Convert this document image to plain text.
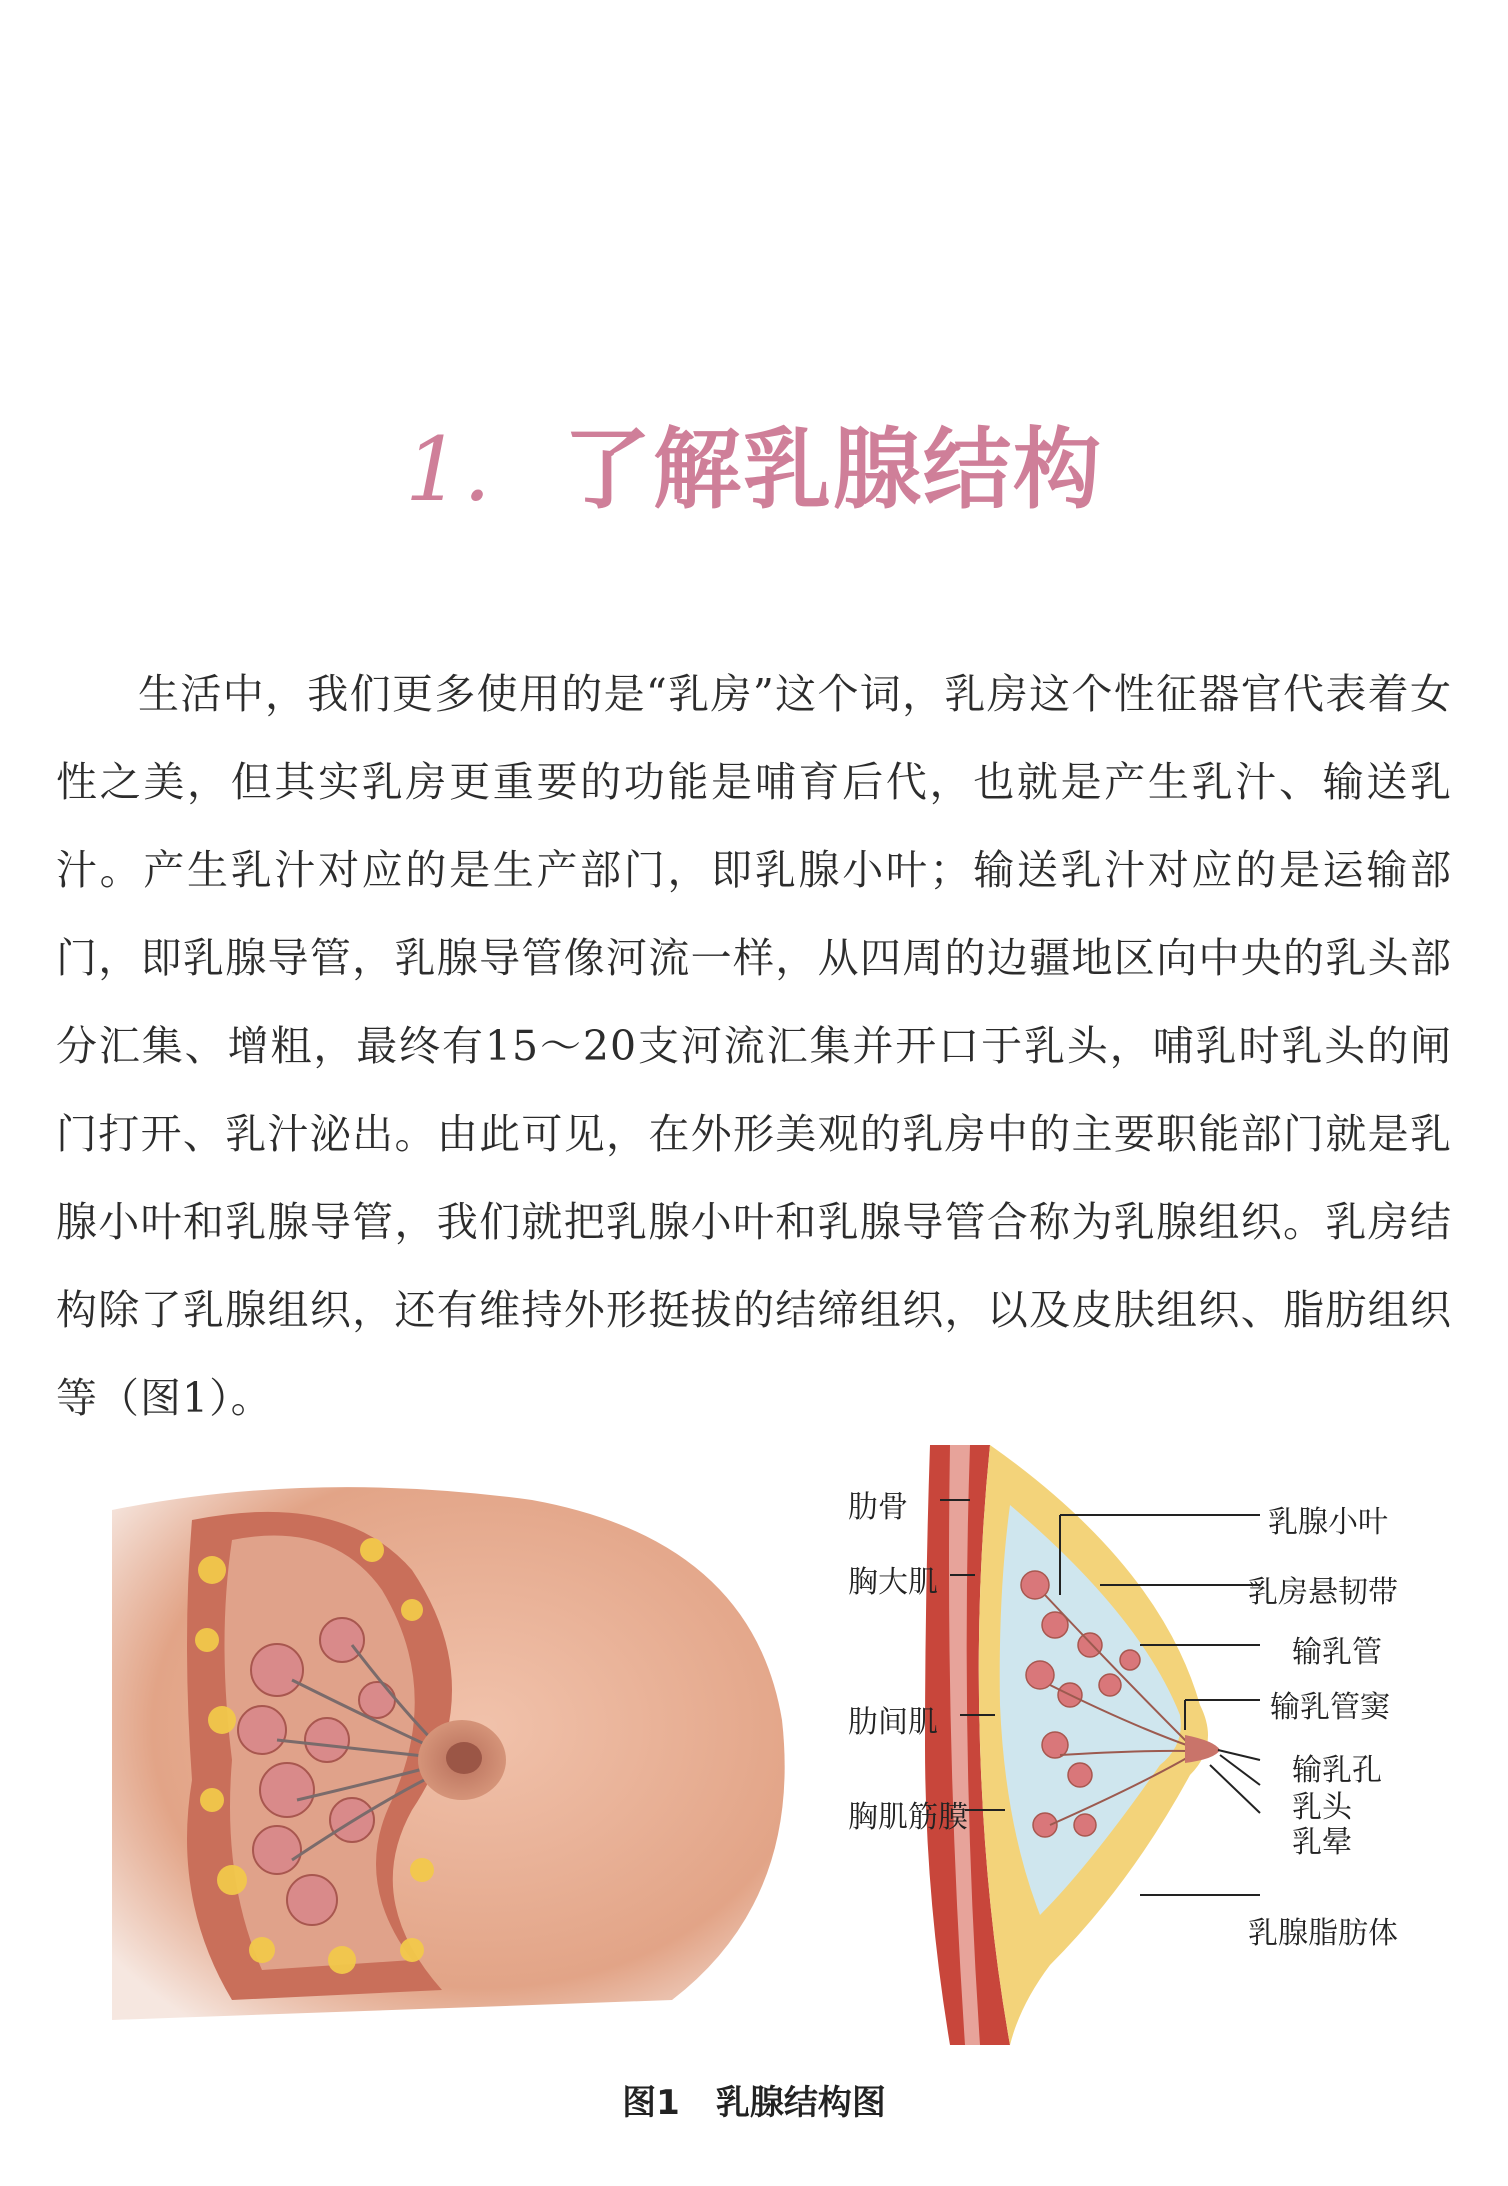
1. 了解乳腺结构

生活中，我们更多使用的是“乳房”这个词，乳房这个性征器官代表着女性之美，但其实乳房更重要的功能是哺育后代，也就是产生乳汁、输送乳汁。产生乳汁对应的是生产部门，即乳腺小叶；输送乳汁对应的是运输部门，即乳腺导管，乳腺导管像河流一样，从四周的边疆地区向中央的乳头部分汇集、增粗，最终有15～20支河流汇集并开口于乳头，哺乳时乳头的闸门打开、乳汁泌出。由此可见，在外形美观的乳房中的主要职能部门就是乳腺小叶和乳腺导管，我们就把乳腺小叶和乳腺导管合称为乳腺组织。乳房结构除了乳腺组织，还有维持外形挺拔的结缔组织，以及皮肤组织、脂肪组织等（图1）。

肋骨
胸大肌
肋间肌
胸肌筋膜
乳腺小叶
乳房悬韧带
输乳管
输乳管窦
输乳孔
乳头
乳晕
乳腺脂肪体
图1 乳腺结构图
